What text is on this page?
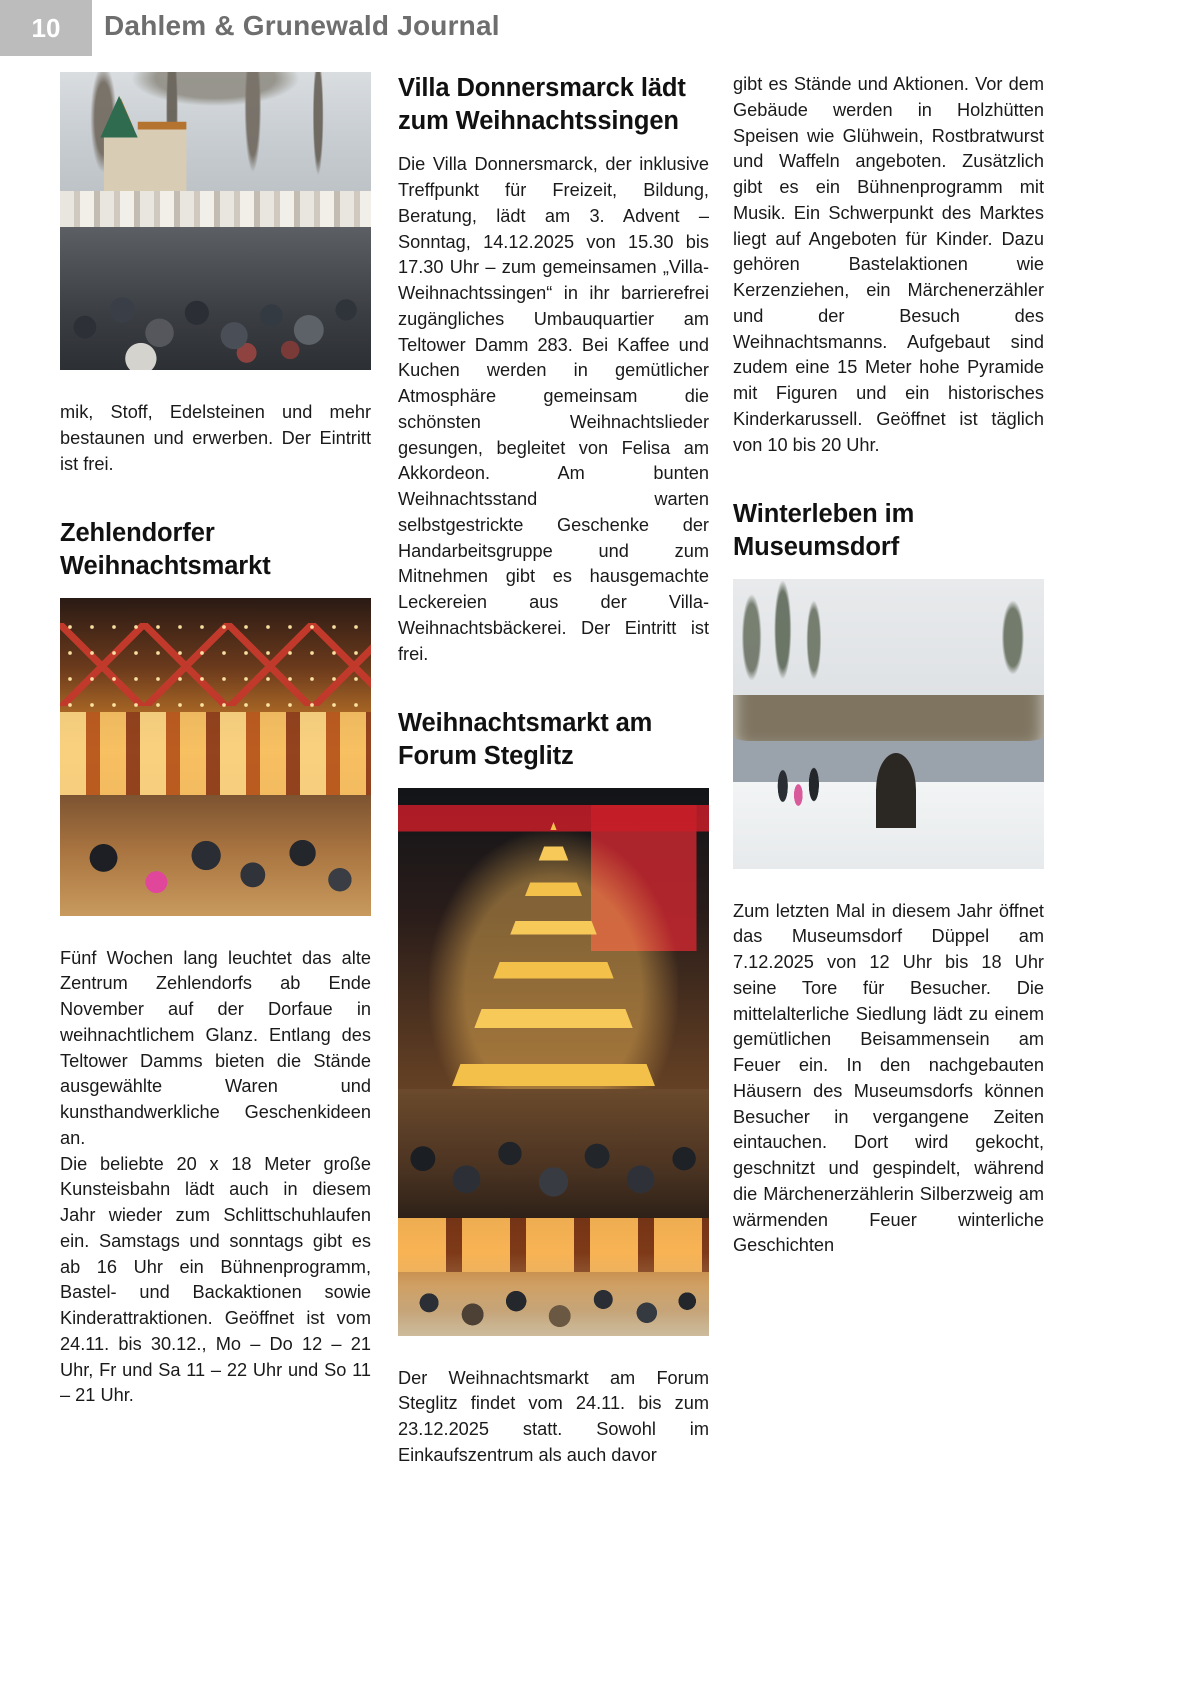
10	Dahlem & Grunewald Journal

mik, Stoff, Edelsteinen und mehr bestaunen und erwerben. Der Eintritt ist frei.

Zehlendorfer Weihnachtsmarkt

Fünf Wochen lang leuchtet das alte Zentrum Zehlendorfs ab Ende November auf der Dorfaue in weihnachtlichem Glanz. Entlang des Teltower Damms bieten die Stände ausgewählte Waren und kunsthandwerkliche Geschenkideen an.

Die beliebte 20 x 18 Meter große Kunsteisbahn lädt auch in diesem Jahr wieder zum Schlittschuhlaufen ein. Samstags und sonntags gibt es ab 16 Uhr ein Bühnenprogramm, Bastel- und Backaktionen sowie Kinderattraktionen. Geöffnet ist vom 24.11. bis 30.12., Mo – Do 12 – 21 Uhr, Fr und Sa 11 – 22 Uhr und So 11 – 21 Uhr.

Villa Donnersmarck lädt zum Weihnachtssingen

Die Villa Donnersmarck, der inklusive Treffpunkt für Freizeit, Bildung, Beratung, lädt am 3. Advent – Sonntag, 14.12.2025 von 15.30 bis 17.30 Uhr – zum gemeinsamen „Villa-Weihnachtssingen“ in ihr barrierefrei zugängliches Umbauquartier am Teltower Damm 283. Bei Kaffee und Kuchen werden in gemütlicher Atmosphäre gemeinsam die schönsten Weihnachtslieder gesungen, begleitet von Felisa am Akkordeon. Am bunten Weihnachtsstand warten selbstgestrickte Geschenke der Handarbeitsgruppe und zum Mitnehmen gibt es hausgemachte Leckereien aus der Villa-Weihnachtsbäckerei. Der Eintritt ist frei.

Weihnachtsmarkt am Forum Steglitz

Der Weihnachtsmarkt am Forum Steglitz findet vom 24.11. bis zum 23.12.2025 statt. Sowohl im Einkaufszentrum als auch davor

gibt es Stände und Aktionen. Vor dem Gebäude werden in Holzhütten Speisen wie Glühwein, Rostbratwurst und Waffeln angeboten. Zusätzlich gibt es ein Bühnenprogramm mit Musik. Ein Schwerpunkt des Marktes liegt auf Angeboten für Kinder. Dazu gehören Bastelaktionen wie Kerzenziehen, ein Märchenerzähler und der Besuch des Weihnachtsmanns. Aufgebaut sind zudem eine 15 Meter hohe Pyramide mit Figuren und ein historisches Kinderkarussell. Geöffnet ist täglich von 10 bis 20 Uhr.

Winterleben im Museumsdorf

Zum letzten Mal in diesem Jahr öffnet das Museumsdorf Düppel am 7.12.2025 von 12 Uhr bis 18 Uhr seine Tore für Besucher. Die mittelalterliche Siedlung lädt zu einem gemütlichen Beisammensein am Feuer ein. In den nachgebauten Häusern des Museumsdorfs können Besucher in vergangene Zeiten eintauchen. Dort wird gekocht, geschnitzt und gespindelt, während die Märchenerzählerin Silberzweig am wärmenden Feuer winterliche Geschichten
